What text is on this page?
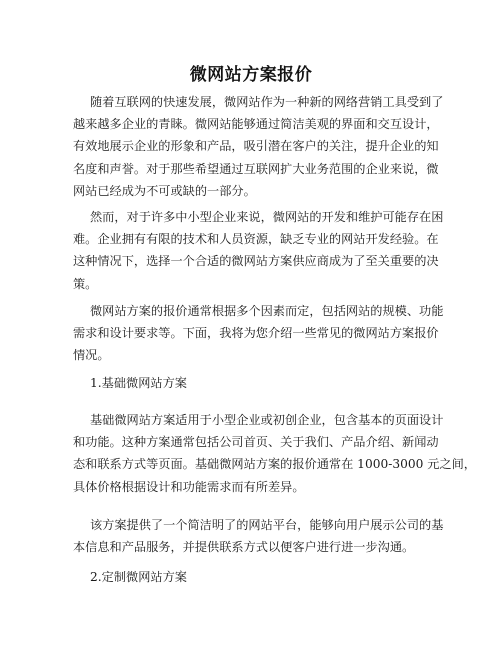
微网站方案报价
随着互联网的快速发展，微网站作为一种新的网络营销工具受到了
越来越多企业的青睐。微网站能够通过简洁美观的界面和交互设计，
有效地展示企业的形象和产品，吸引潜在客户的关注，提升企业的知
名度和声誉。对于那些希望通过互联网扩大业务范围的企业来说，微
网站已经成为不可或缺的一部分。
然而，对于许多中小型企业来说，微网站的开发和维护可能存在困
难。企业拥有有限的技术和人员资源，缺乏专业的网站开发经验。在
这种情况下，选择一个合适的微网站方案供应商成为了至关重要的决
策。
微网站方案的报价通常根据多个因素而定，包括网站的规模、功能
需求和设计要求等。下面，我将为您介绍一些常见的微网站方案报价
情况。
1.基础微网站方案
基础微网站方案适用于小型企业或初创企业，包含基本的页面设计
和功能。这种方案通常包括公司首页、关于我们、产品介绍、新闻动
态和联系方式等页面。基础微网站方案的报价通常在 1000-3000 元之间，
具体价格根据设计和功能需求而有所差异。
该方案提供了一个简洁明了的网站平台，能够向用户展示公司的基
本信息和产品服务，并提供联系方式以便客户进行进一步沟通。
2.定制微网站方案
